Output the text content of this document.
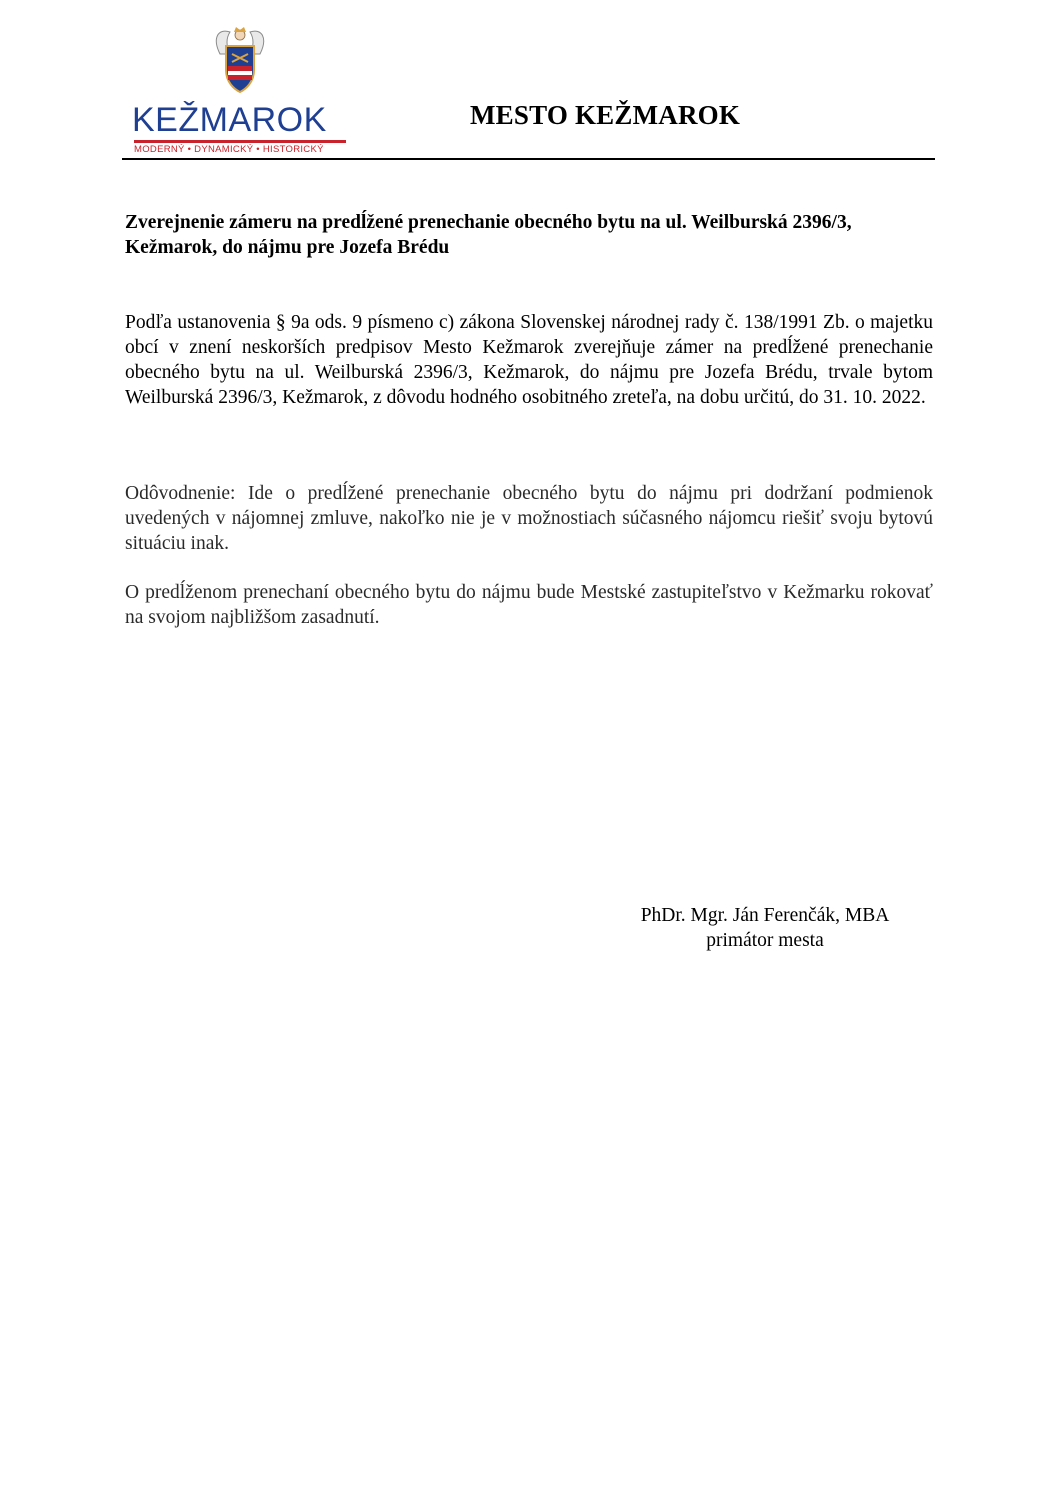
KEŽMAROK
MODERNÝ • DYNAMICKÝ • HISTORICKÝ
MESTO KEŽMAROK
Zverejnenie zámeru na predĺžené prenechanie obecného bytu na ul. Weilburská 2396/3,
Kežmarok, do nájmu pre Jozefa Brédu
Podľa ustanovenia § 9a ods. 9 písmeno c) zákona Slovenskej národnej rady č. 138/1991 Zb. o majetku obcí v znení neskorších predpisov Mesto Kežmarok zverejňuje zámer na predĺžené prenechanie obecného bytu na ul. Weilburská 2396/3, Kežmarok, do nájmu pre Jozefa Brédu, trvale bytom Weilburská 2396/3, Kežmarok, z dôvodu hodného osobitného zreteľa, na dobu určitú, do 31. 10. 2022.
Odôvodnenie: Ide o predĺžené prenechanie obecného bytu do nájmu pri dodržaní podmienok uvedených v nájomnej zmluve, nakoľko nie je v možnostiach súčasného nájomcu riešiť svoju bytovú situáciu inak.
O predĺženom prenechaní obecného bytu do nájmu bude Mestské zastupiteľstvo v Kežmarku rokovať na svojom najbližšom zasadnutí.
PhDr. Mgr. Ján Ferenčák, MBA
primátor mesta
